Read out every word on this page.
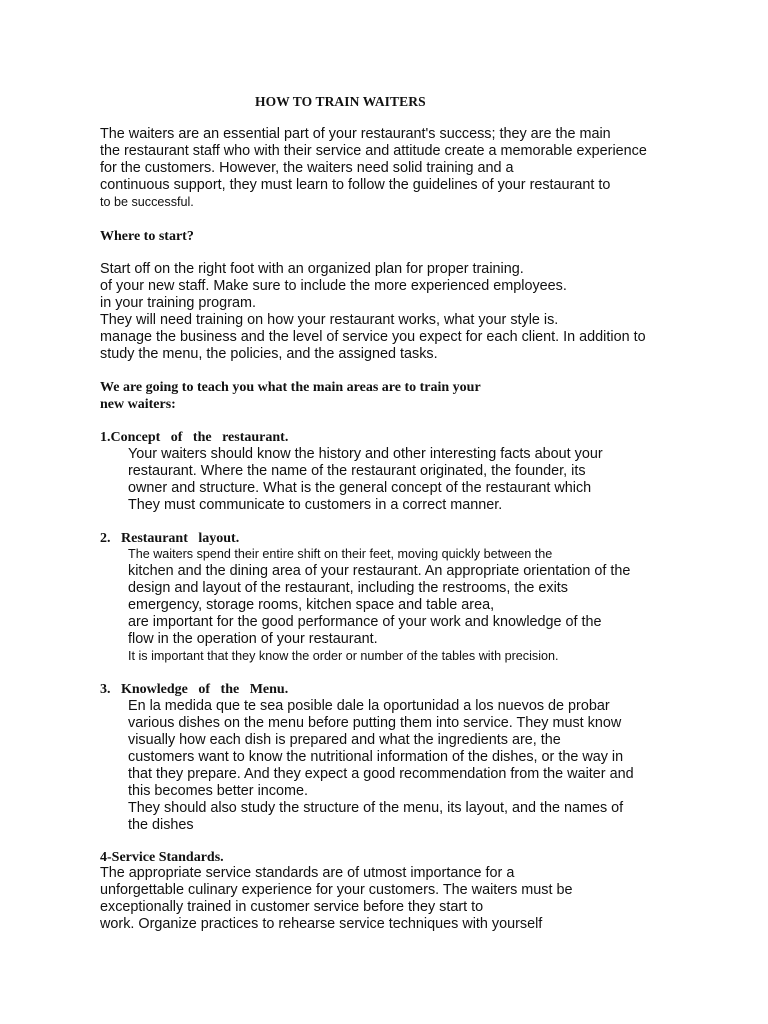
HOW TO TRAIN WAITERS
The waiters are an essential part of your restaurant's success; they are the main
the restaurant staff who with their service and attitude create a memorable experience
for the customers. However, the waiters need solid training and a
continuous support, they must learn to follow the guidelines of your restaurant to
to be successful.
Where to start?
Start off on the right foot with an organized plan for proper training.
of your new staff. Make sure to include the more experienced employees.
in your training program.
They will need training on how your restaurant works, what your style is.
manage the business and the level of service you expect for each client. In addition to
study the menu, the policies, and the assigned tasks.
We are going to teach you what the main areas are to train your
new waiters:
1.Concept   of   the   restaurant.
Your waiters should know the history and other interesting facts about your
restaurant. Where the name of the restaurant originated, the founder, its
owner and structure. What is the general concept of the restaurant which
They must communicate to customers in a correct manner.
2.   Restaurant   layout.
The waiters spend their entire shift on their feet, moving quickly between the
kitchen and the dining area of your restaurant. An appropriate orientation of the
design and layout of the restaurant, including the restrooms, the exits
emergency, storage rooms, kitchen space and table area,
are important for the good performance of your work and knowledge of the
flow in the operation of your restaurant.
It is important that they know the order or number of the tables with precision.
3.   Knowledge   of   the   Menu.
En la medida que te sea posible dale la oportunidad a los nuevos de probar
various dishes on the menu before putting them into service. They must know
visually how each dish is prepared and what the ingredients are, the
customers want to know the nutritional information of the dishes, or the way in
that they prepare. And they expect a good recommendation from the waiter and
this becomes better income.
They should also study the structure of the menu, its layout, and the names of
the dishes
4-Service Standards.
The appropriate service standards are of utmost importance for a
unforgettable culinary experience for your customers. The waiters must be
exceptionally trained in customer service before they start to
work. Organize practices to rehearse service techniques with yourself
